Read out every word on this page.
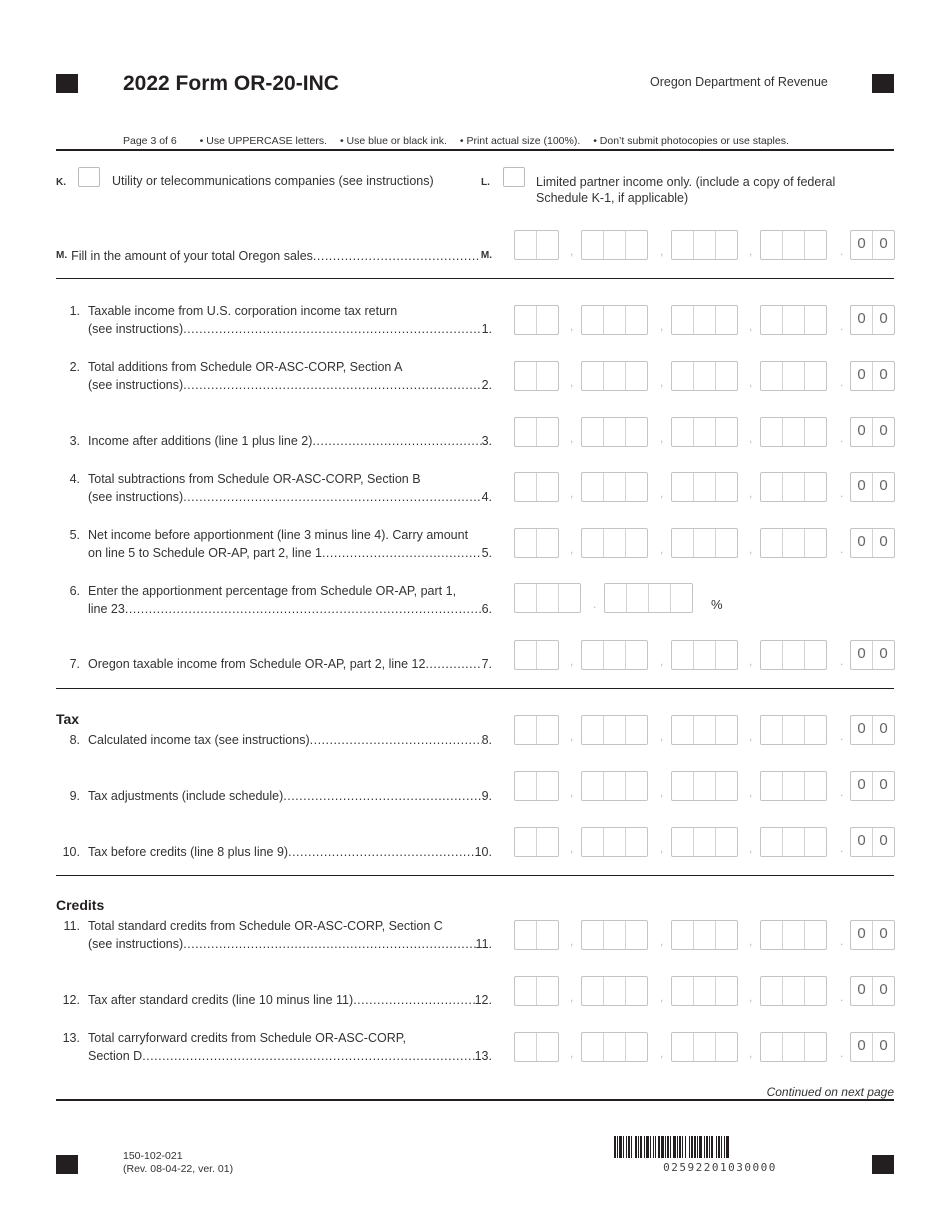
2022 Form OR-20-INC	Oregon Department of Revenue
Page 3 of 6 • Use UPPERCASE letters. • Use blue or black ink. • Print actual size (100%). • Don’t submit photocopies or use staples.
K.	Utility or telecommunications companies (see instructions)	L.	Limited partner income only. (include a copy of federal
Schedule K-1, if applicable)
M. Fill in the amount of your total Oregon sales .....	M.	,	,	,	. 0 0
1. Taxable income from U.S. corporation income tax return
(see instructions) .....	1.	,	,	,	. 0 0
2. Total additions from Schedule OR-ASC-CORP, Section A
(see instructions) .....	2.	,	,	,	. 0 0
3. Income after additions (line 1 plus line 2) .....	3.	,	,	,	. 0 0
4. Total subtractions from Schedule OR-ASC-CORP, Section B
(see instructions) .....	4.	,	,	,	. 0 0
5. Net income before apportionment (line 3 minus line 4). Carry amount
on line 5 to Schedule OR-AP, part 2, line 1 .....	5.	,	,	,	. 0 0
6. Enter the apportionment percentage from Schedule OR-AP, part 1,
line 23 .....	6.	.	%
7. Oregon taxable income from Schedule OR-AP, part 2, line 12 .....	7.	,	,	,	. 0 0
Tax
8. Calculated income tax (see instructions) .....	8.	,	,	,	. 0 0
9. Tax adjustments (include schedule) .....	9.	,	,	,	. 0 0
10. Tax before credits (line 8 plus line 9) .....	10.	,	,	,	. 0 0
Credits
11. Total standard credits from Schedule OR-ASC-CORP, Section C
(see instructions) .....	11.	,	,	,	. 0 0
12. Tax after standard credits (line 10 minus line 11) .....	12.	,	,	,	. 0 0
13. Total carryforward credits from Schedule OR-ASC-CORP,
Section D .....	13.	,	,	,	. 0 0
Continued on next page
150-102-021
(Rev. 08-04-22, ver. 01)	02592201030000
